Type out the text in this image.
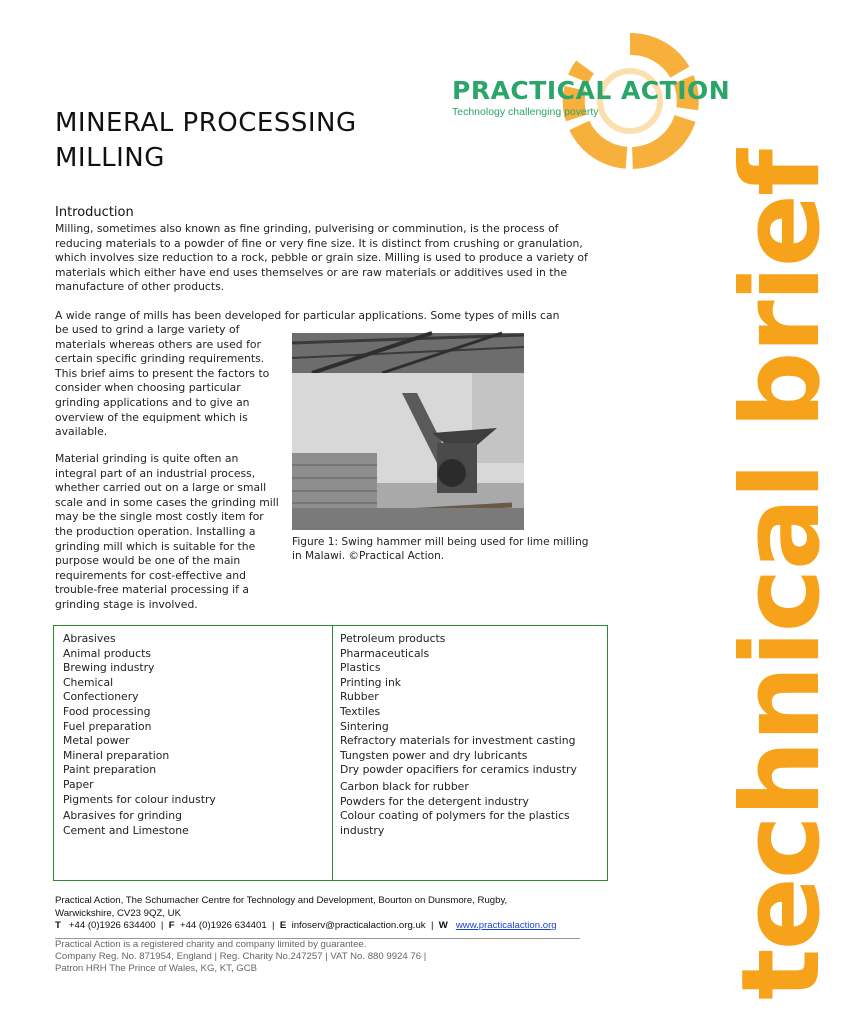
PRACTICAL ACTION
Technology challenging poverty
MINERAL PROCESSING
MILLING	technical brief
Introduction
Milling, sometimes also known as fine grinding, pulverising or comminution, is the process of reducing materials to a powder of fine or very fine size. It is distinct from crushing or granulation, which involves size reduction to a rock, pebble or grain size. Milling is used to produce a variety of materials which either have end uses themselves or are raw materials or additives used in the manufacture of other products.
A wide range of mills has been developed for particular applications. Some types of mills can
be used to grind a large variety of materials whereas others are used for certain specific grinding requirements. This brief aims to present the factors to consider when choosing particular grinding applications and to give an overview of the equipment which is available.
Material grinding is quite often an integral part of an industrial process, whether carried out on a large or small scale and in some cases the grinding mill may be the single most costly item for the production operation. Installing a grinding mill which is suitable for the purpose would be one of the main requirements for cost-effective and trouble-free material processing if a grinding stage is involved.
Figure 1: Swing hammer mill being used for lime milling
in Malawi. ©Practical Action.
Abrasives
Animal products
Brewing industry
Chemical
Confectionery
Food processing
Fuel preparation
Metal power
Mineral preparation
Paint preparation
Paper
Pigments for colour industry
Abrasives for grinding
Cement and Limestone
Petroleum products
Pharmaceuticals
Plastics
Printing ink
Rubber
Textiles
Sintering
Refractory materials for investment casting
Tungsten power and dry lubricants
Dry powder opacifiers for ceramics industry
Carbon black for rubber
Powders for the detergent industry
Colour coating of polymers for the plastics industry
Practical Action, The Schumacher Centre for Technology and Development, Bourton on Dunsmore, Rugby,
Warwickshire, CV23 9QZ, UK
T +44 (0)1926 634400 | F +44 (0)1926 634401 | E infoserv@practicalaction.org.uk | W www.practicalaction.org
Practical Action is a registered charity and company limited by guarantee.
Company Reg. No. 871954, England | Reg. Charity No.247257 | VAT No. 880 9924 76 |
Patron HRH The Prince of Wales, KG, KT, GCB
